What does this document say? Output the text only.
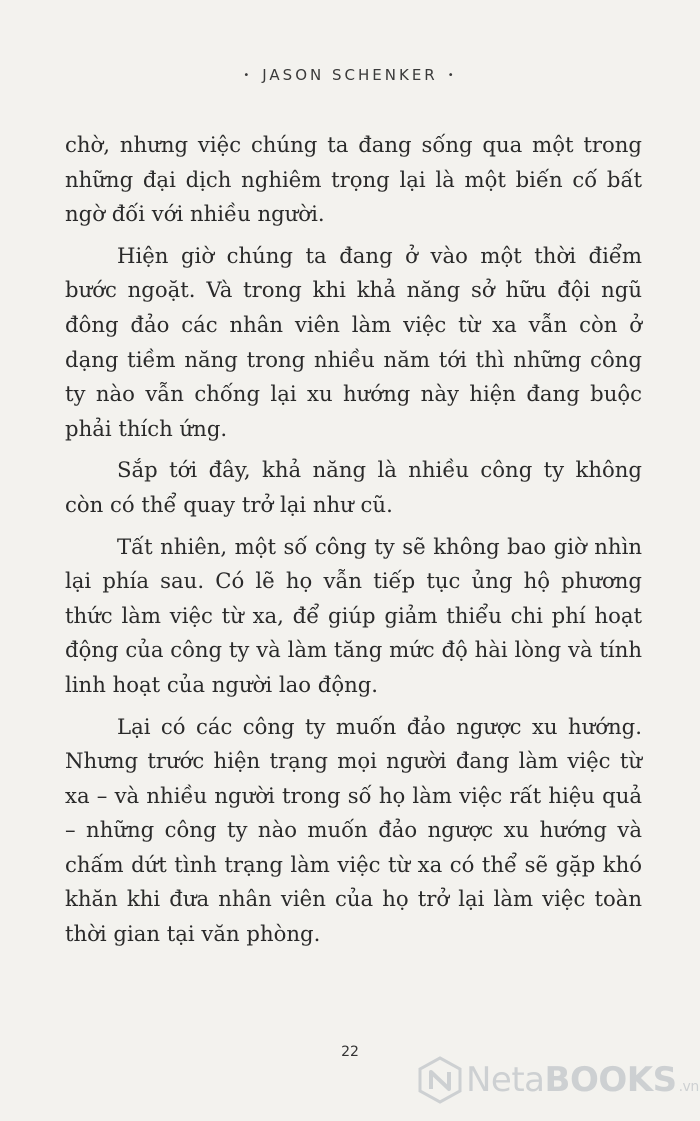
• JASON SCHENKER •

chờ, nhưng việc chúng ta đang sống qua một trong những đại dịch nghiêm trọng lại là một biến cố bất ngờ đối với nhiều người.

Hiện giờ chúng ta đang ở vào một thời điểm bước ngoặt. Và trong khi khả năng sở hữu đội ngũ đông đảo các nhân viên làm việc từ xa vẫn còn ở dạng tiềm năng trong nhiều năm tới thì những công ty nào vẫn chống lại xu hướng này hiện đang buộc phải thích ứng.

Sắp tới đây, khả năng là nhiều công ty không còn có thể quay trở lại như cũ.

Tất nhiên, một số công ty sẽ không bao giờ nhìn lại phía sau. Có lẽ họ vẫn tiếp tục ủng hộ phương thức làm việc từ xa, để giúp giảm thiểu chi phí hoạt động của công ty và làm tăng mức độ hài lòng và tính linh hoạt của người lao động.

Lại có các công ty muốn đảo ngược xu hướng. Nhưng trước hiện trạng mọi người đang làm việc từ xa – và nhiều người trong số họ làm việc rất hiệu quả – những công ty nào muốn đảo ngược xu hướng và chấm dứt tình trạng làm việc từ xa có thể sẽ gặp khó khăn khi đưa nhân viên của họ trở lại làm việc toàn thời gian tại văn phòng.

22
NetaBOOKS .vn
